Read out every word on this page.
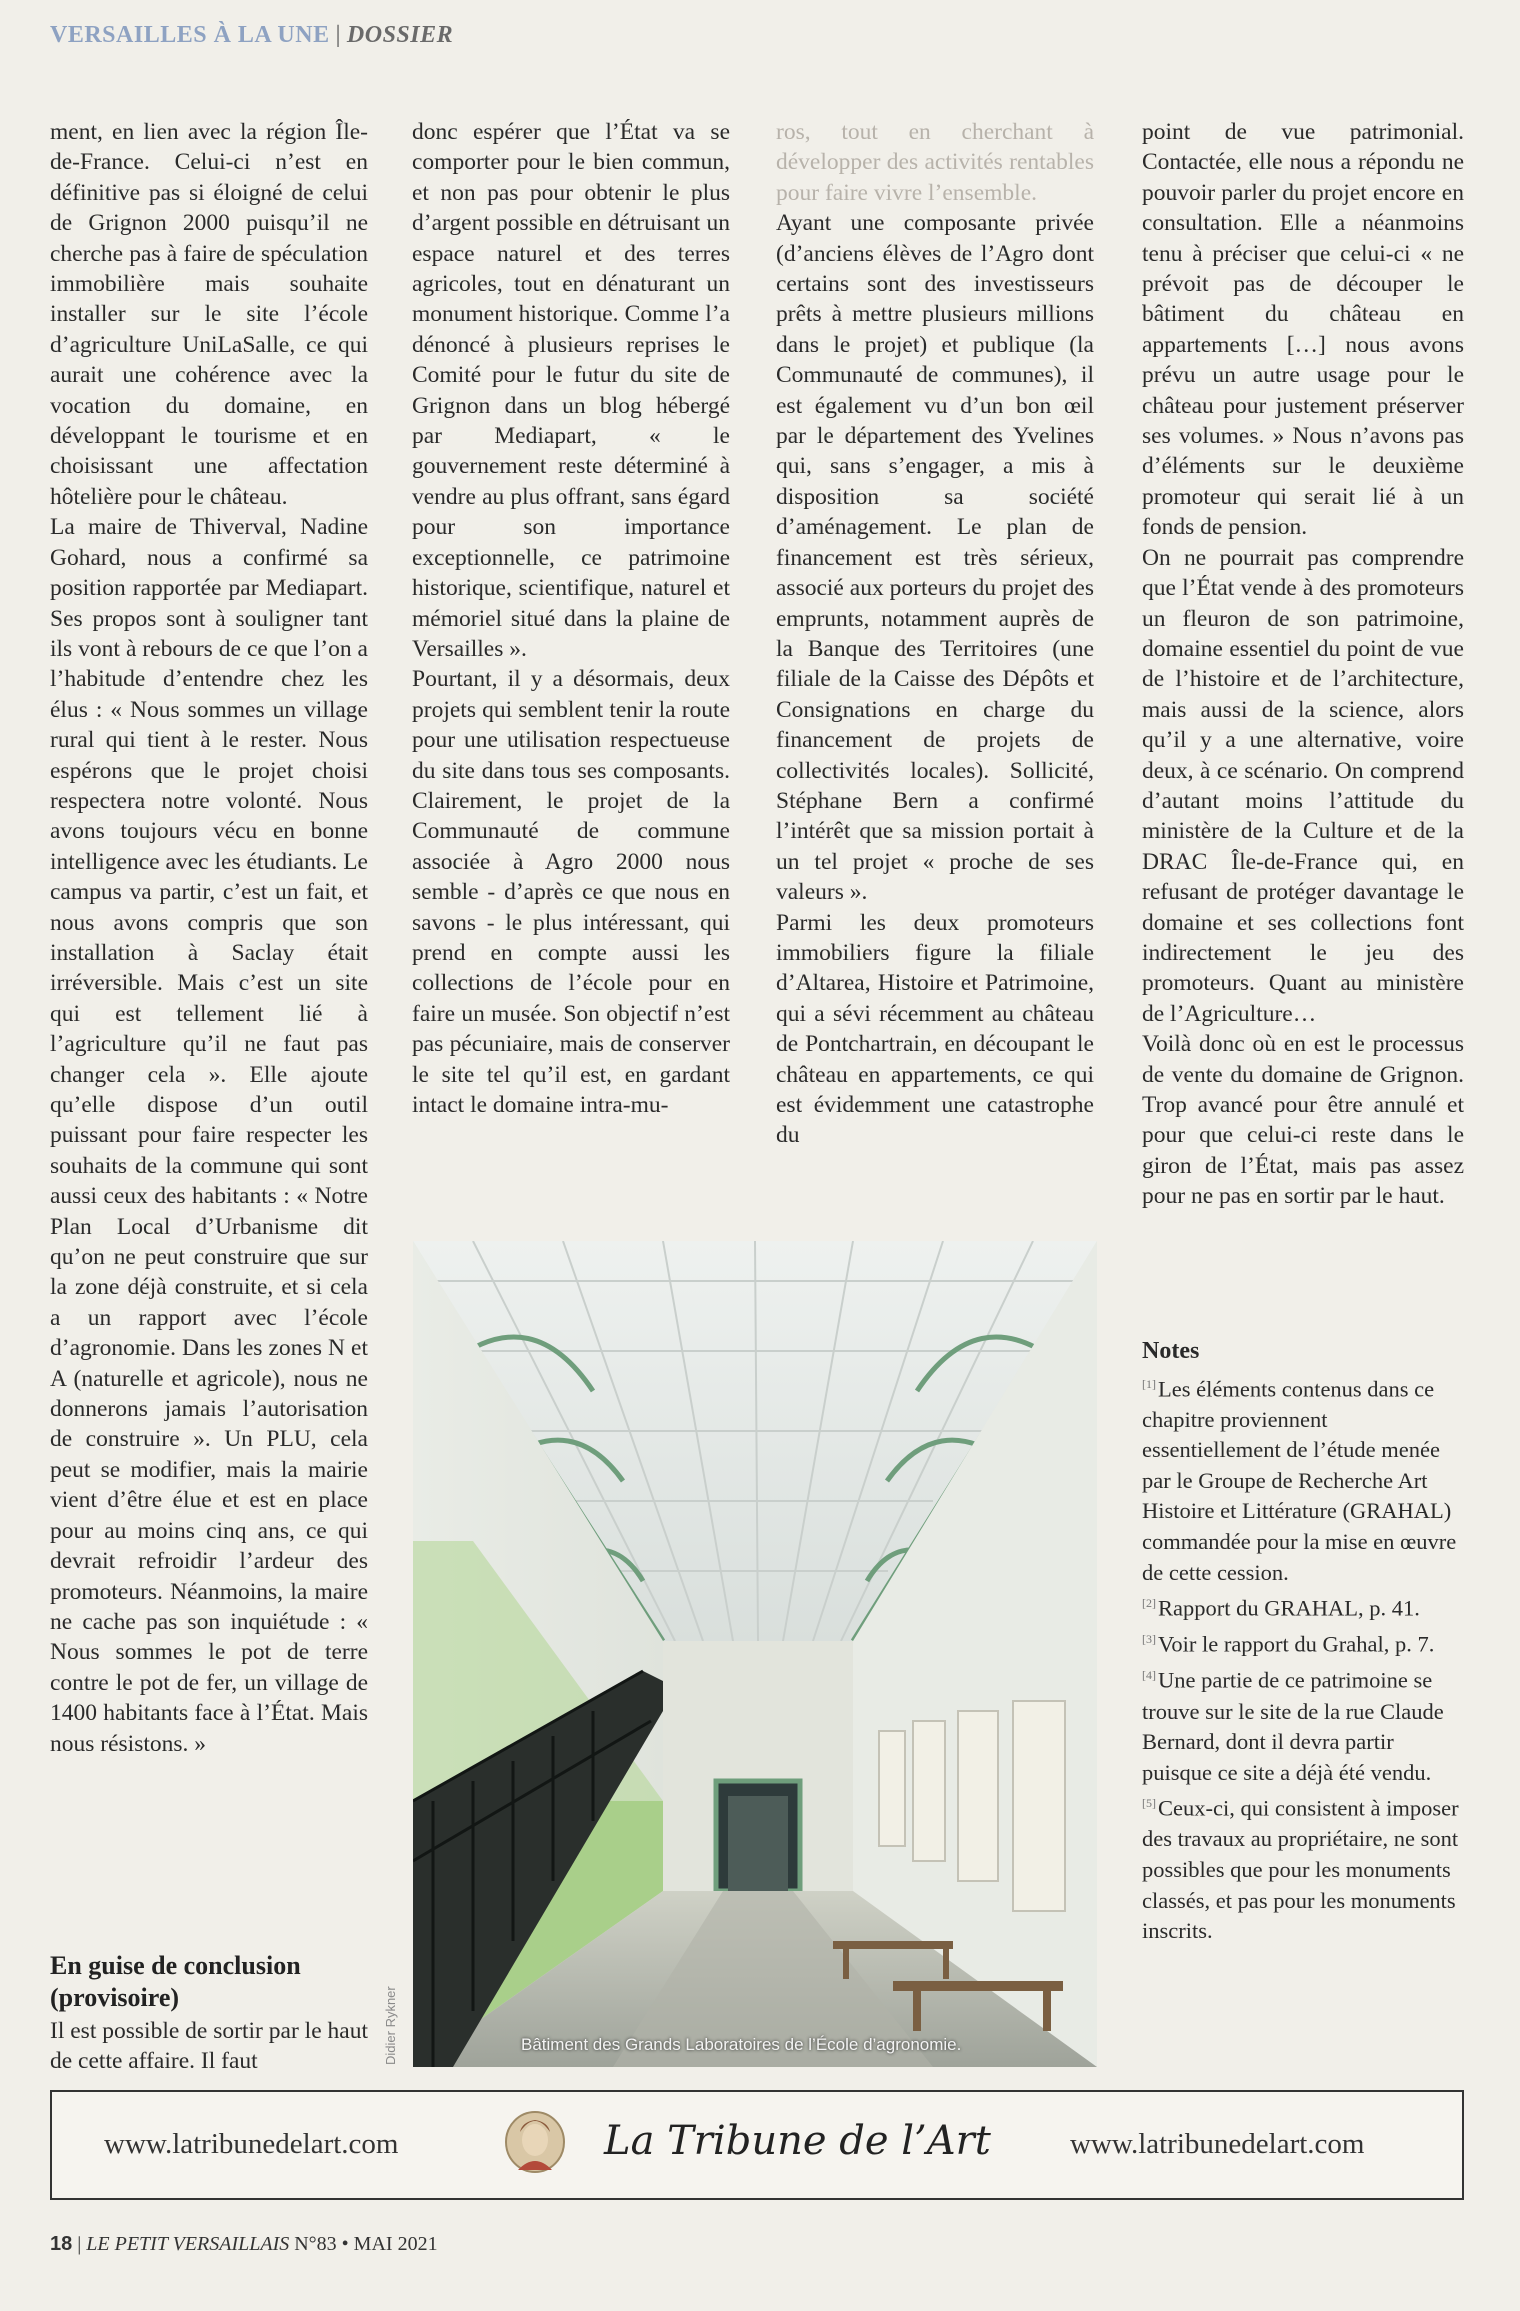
VERSAILLES À LA UNE | DOSSIER

ment, en lien avec la région Île-de-France. Celui-ci n’est en définitive pas si éloigné de celui de Grignon 2000 puisqu’il ne cherche pas à faire de spéculation immobilière mais souhaite installer sur le site l’école d’agriculture UniLaSalle, ce qui aurait une cohérence avec la vocation du domaine, en développant le tourisme et en choisissant une affectation hôtelière pour le château.

La maire de Thiverval, Nadine Gohard, nous a confirmé sa position rapportée par Mediapart. Ses propos sont à souligner tant ils vont à rebours de ce que l’on a l’habitude d’entendre chez les élus : « Nous sommes un village rural qui tient à le rester. Nous espérons que le projet choisi respectera notre volonté. Nous avons toujours vécu en bonne intelligence avec les étudiants. Le campus va partir, c’est un fait, et nous avons compris que son installation à Saclay était irréversible. Mais c’est un site qui est tellement lié à l’agriculture qu’il ne faut pas changer cela ». Elle ajoute qu’elle dispose d’un outil puissant pour faire respecter les souhaits de la commune qui sont aussi ceux des habitants : « Notre Plan Local d’Urbanisme dit qu’on ne peut construire que sur la zone déjà construite, et si cela a un rapport avec l’école d’agronomie. Dans les zones N et A (naturelle et agricole), nous ne donnerons jamais l’autorisation de construire ». Un PLU, cela peut se modifier, mais la mairie vient d’être élue et est en place pour au moins cinq ans, ce qui devrait refroidir l’ardeur des promoteurs. Néanmoins, la maire ne cache pas son inquiétude : « Nous sommes le pot de terre contre le pot de fer, un village de 1400 habitants face à l’État. Mais nous résistons. »

En guise de conclusion (provisoire)
Il est possible de sortir par le haut de cette affaire. Il faut

donc espérer que l’État va se comporter pour le bien commun, et non pas pour obtenir le plus d’argent possible en détruisant un espace naturel et des terres agricoles, tout en dénaturant un monument historique. Comme l’a dénoncé à plusieurs reprises le Comité pour le futur du site de Grignon dans un blog hébergé par Mediapart, « le gouvernement reste déterminé à vendre au plus offrant, sans égard pour son importance exceptionnelle, ce patrimoine historique, scientifique, naturel et mémoriel situé dans la plaine de Versailles ».

Pourtant, il y a désormais, deux projets qui semblent tenir la route pour une utilisation respectueuse du site dans tous ses composants. Clairement, le projet de la Communauté de commune associée à Agro 2000 nous semble - d’après ce que nous en savons - le plus intéressant, qui prend en compte aussi les collections de l’école pour en faire un musée. Son objectif n’est pas pécuniaire, mais de conserver le site tel qu’il est, en gardant intact le domaine intra-mu-

ros, tout en cherchant à développer des activités rentables pour faire vivre l’ensemble.

Ayant une composante privée (d’anciens élèves de l’Agro dont certains sont des investisseurs prêts à mettre plusieurs millions dans le projet) et publique (la Communauté de communes), il est également vu d’un bon œil par le département des Yvelines qui, sans s’engager, a mis à disposition sa société d’aménagement. Le plan de financement est très sérieux, associé aux porteurs du projet des emprunts, notamment auprès de la Banque des Territoires (une filiale de la Caisse des Dépôts et Consignations en charge du financement de projets de collectivités locales). Sollicité, Stéphane Bern a confirmé l’intérêt que sa mission portait à un tel projet « proche de ses valeurs ».

Parmi les deux promoteurs immobiliers figure la filiale d’Altarea, Histoire et Patrimoine, qui a sévi récemment au château de Pontchartrain, en découpant le château en appartements, ce qui est évidemment une catastrophe du

point de vue patrimonial. Contactée, elle nous a répondu ne pouvoir parler du projet encore en consultation. Elle a néanmoins tenu à préciser que celui-ci « ne prévoit pas de découper le bâtiment du château en appartements […] nous avons prévu un autre usage pour le château pour justement préserver ses volumes. » Nous n’avons pas d’éléments sur le deuxième promoteur qui serait lié à un fonds de pension.

On ne pourrait pas comprendre que l’État vende à des promoteurs un fleuron de son patrimoine, domaine essentiel du point de vue de l’histoire et de l’architecture, mais aussi de la science, alors qu’il y a une alternative, voire deux, à ce scénario. On comprend d’autant moins l’attitude du ministère de la Culture et de la DRAC Île-de-France qui, en refusant de protéger davantage le domaine et ses collections font indirectement le jeu des promoteurs. Quant au ministère de l’Agriculture…

Voilà donc où en est le processus de vente du domaine de Grignon. Trop avancé pour être annulé et pour que celui-ci reste dans le giron de l’État, mais pas assez pour ne pas en sortir par le haut.

Notes

[1]Les éléments contenus dans ce chapitre proviennent essentiellement de l’étude menée par le Groupe de Recherche Art Histoire et Littérature (GRAHAL) commandée pour la mise en œuvre de cette cession.

[2]Rapport du GRAHAL, p. 41.

[3]Voir le rapport du Grahal, p. 7.

[4]Une partie de ce patrimoine se trouve sur le site de la rue Claude Bernard, dont il devra partir puisque ce site a déjà été vendu.

[5]Ceux-ci, qui consistent à imposer des travaux au propriétaire, ne sont possibles que pour les monuments classés, et pas pour les monuments inscrits.

Didier Rykner	Bâtiment des Grands Laboratoires de l’École d’agronomie.
www.latribunedelart.com	La Tribune de l’Art	www.latribunedelart.com
18 | LE PETIT VERSAILLAIS N°83 • MAI 2021
